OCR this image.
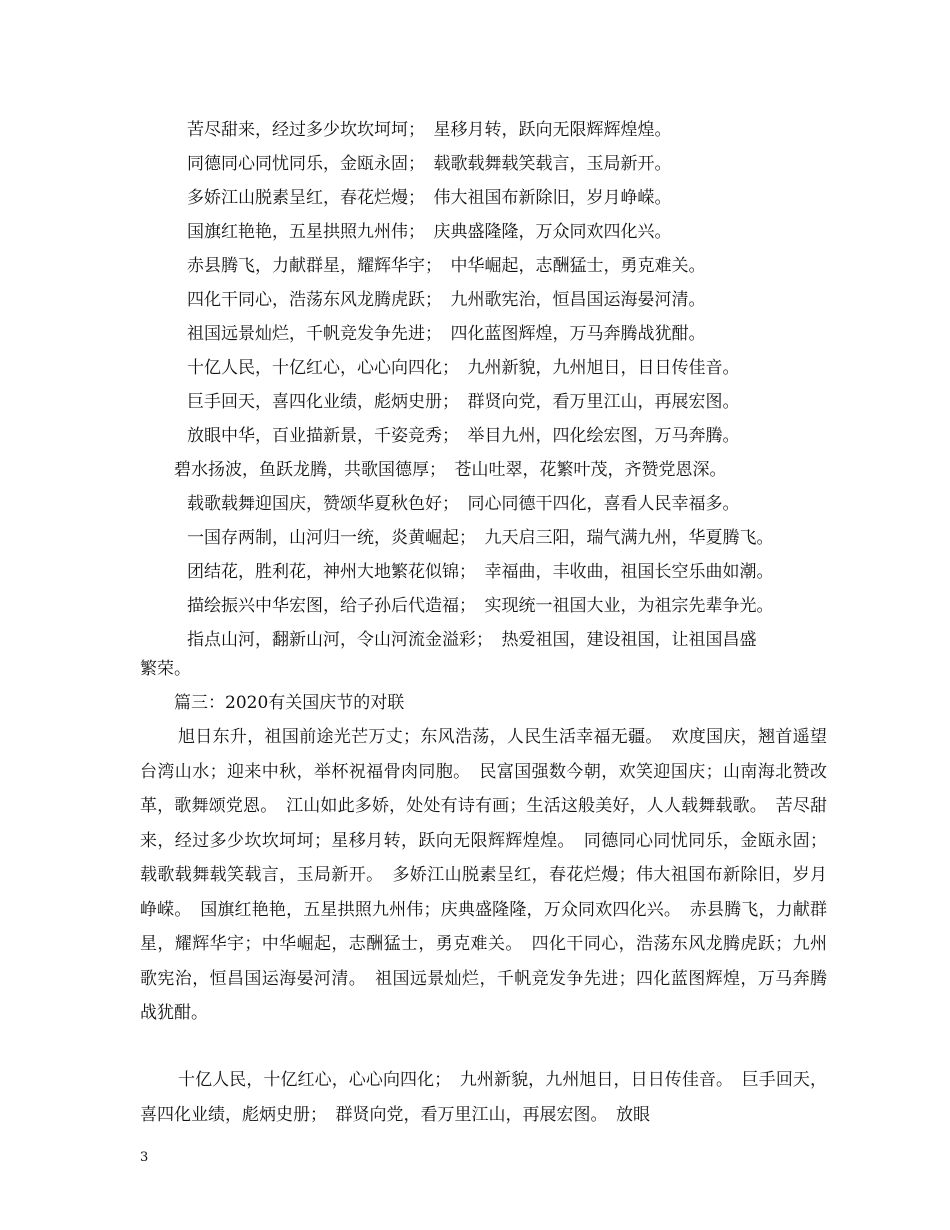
苦尽甜来，经过多少坎坎坷坷；　星移月转，跃向无限辉辉煌煌。
同德同心同忧同乐，金瓯永固；　载歌载舞载笑载言，玉局新开。
多娇江山脱素呈红，春花烂熳；　伟大祖国布新除旧，岁月峥嵘。
国旗红艳艳，五星拱照九州伟；　庆典盛隆隆，万众同欢四化兴。
赤县腾飞，力献群星，耀辉华宇；　中华崛起，志酬猛士，勇克难关。
四化干同心，浩荡东风龙腾虎跃；　九州歌宪治，恒昌国运海晏河清。
祖国远景灿烂，千帆竞发争先进；　四化蓝图辉煌，万马奔腾战犹酣。
十亿人民，十亿红心，心心向四化；　九州新貌，九州旭日，日日传佳音。
巨手回天，喜四化业绩，彪炳史册；　群贤向党，看万里江山，再展宏图。
放眼中华，百业描新景，千姿竞秀；　举目九州，四化绘宏图，万马奔腾。
碧水扬波，鱼跃龙腾，共歌国德厚；　苍山吐翠，花繁叶茂，齐赞党恩深。
载歌载舞迎国庆，赞颂华夏秋色好；　同心同德干四化，喜看人民幸福多。
一国存两制，山河归一统，炎黄崛起；　九天启三阳，瑞气满九州，华夏腾飞。
团结花，胜利花，神州大地繁花似锦；　幸福曲，丰收曲，祖国长空乐曲如潮。
描绘振兴中华宏图，给子孙后代造福；　实现统一祖国大业，为祖宗先辈争光。
指点山河，翻新山河，令山河流金溢彩；　热爱祖国，建设祖国，让祖国昌盛
繁荣。
篇三：2020有关国庆节的对联
旭日东升，祖国前途光芒万丈；东风浩荡，人民生活幸福无疆。　欢度国庆，翘首遥望台湾山水；迎来中秋，举杯祝福骨肉同胞。　民富国强数今朝，欢笑迎国庆；山南海北赞改革，歌舞颂党恩。　江山如此多娇，处处有诗有画；生活这般美好，人人载舞载歌。　苦尽甜来，经过多少坎坎坷坷；星移月转，跃向无限辉辉煌煌。　同德同心同忧同乐，金瓯永固；载歌载舞载笑载言，玉局新开。　多娇江山脱素呈红，春花烂熳；伟大祖国布新除旧，岁月峥嵘。　国旗红艳艳，五星拱照九州伟；庆典盛隆隆，万众同欢四化兴。　赤县腾飞，力献群星，耀辉华宇；中华崛起，志酬猛士，勇克难关。　四化干同心，浩荡东风龙腾虎跃；九州歌宪治，恒昌国运海晏河清。　祖国远景灿烂，千帆竞发争先进；四化蓝图辉煌，万马奔腾战犹酣。
十亿人民，十亿红心，心心向四化；　九州新貌，九州旭日，日日传佳音。　巨手回天，喜四化业绩，彪炳史册；　群贤向党，看万里江山，再展宏图。　放眼
3
